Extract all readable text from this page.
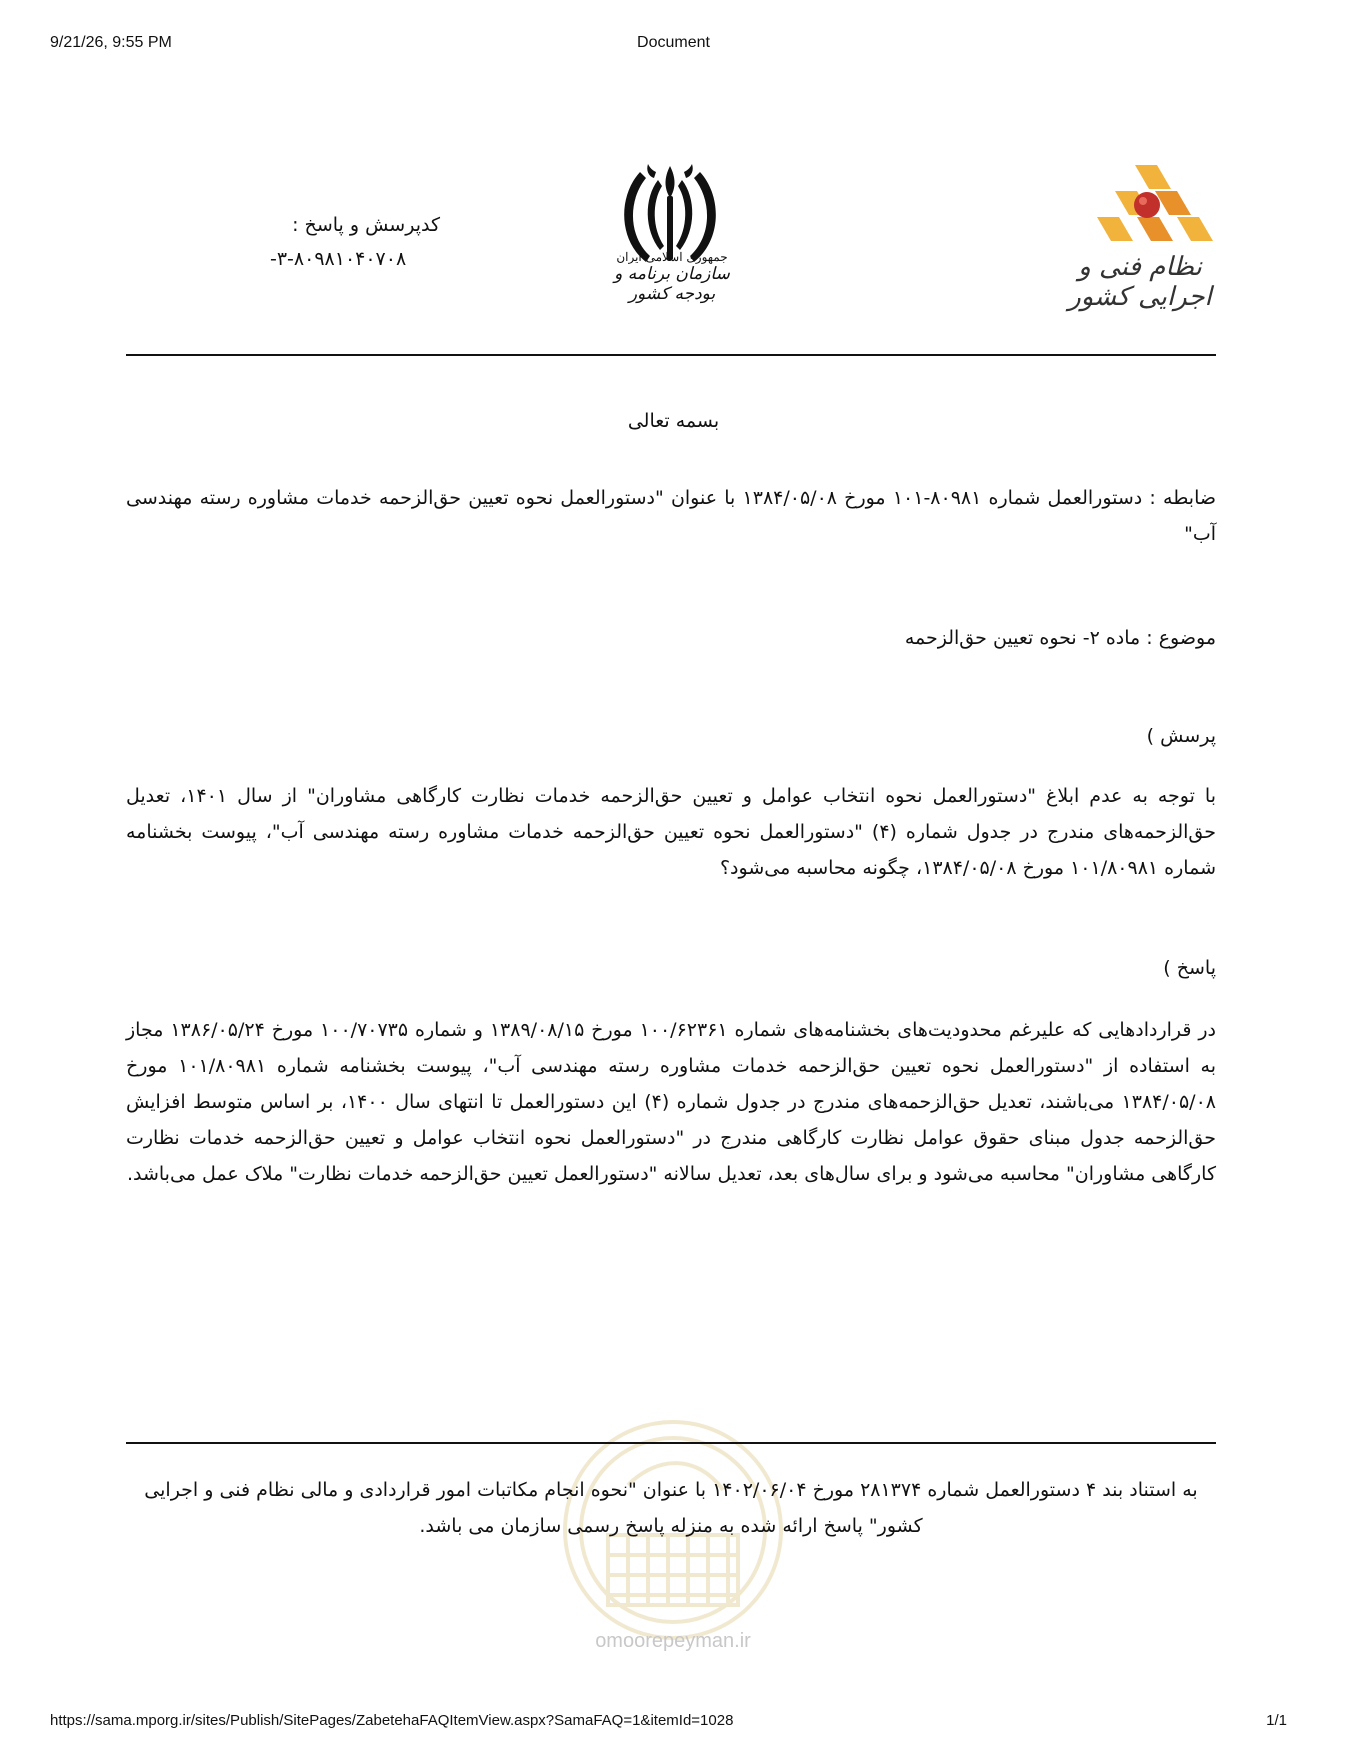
9/21/26, 9:55 PM	Document
کدپرسش و پاسخ :
-۳-۸۰۹۸۱۰۴۰۷۰۸	جمهوری اسلامی ایران
سازمان برنامه و بودجه کشور
نظام فنی و اجرایی کشور
بسمه تعالی
ضابطه : دستورالعمل شماره ۸۰۹۸۱-۱۰۱ مورخ ۱۳۸۴/۰۵/۰۸ با عنوان "دستورالعمل نحوه تعیین حق‌الزحمه خدمات مشاوره رسته مهندسی آب"
موضوع : ماده ۲- نحوه تعیین حق‌الزحمه
پرسش )
با توجه به عدم ابلاغ "دستورالعمل نحوه انتخاب عوامل و تعیین حق‌الزحمه خدمات نظارت کارگاهی مشاوران" از سال ۱۴۰۱، تعدیل حق‌الزحمه‌های مندرج در جدول شماره (۴) "دستورالعمل نحوه تعیین حق‌الزحمه خدمات مشاوره رسته مهندسی آب"، پیوست بخشنامه شماره ۱۰۱/۸۰۹۸۱ مورخ ۱۳۸۴/۰۵/۰۸، چگونه محاسبه می‌شود؟
پاسخ )
در قراردادهایی که علیرغم محدودیت‌های بخشنامه‌های شماره ۱۰۰/۶۲۳۶۱ مورخ ۱۳۸۹/۰۸/۱۵ و شماره ۱۰۰/۷۰۷۳۵ مورخ ۱۳۸۶/۰۵/۲۴ مجاز به استفاده از "دستورالعمل نحوه تعیین حق‌الزحمه خدمات مشاوره رسته مهندسی آب"، پیوست بخشنامه شماره ۱۰۱/۸۰۹۸۱ مورخ ۱۳۸۴/۰۵/۰۸ می‌باشند، تعدیل حق‌الزحمه‌های مندرج در جدول شماره (۴) این دستورالعمل تا انتهای سال ۱۴۰۰، بر اساس متوسط افزایش حق‌الزحمه جدول مبنای حقوق عوامل نظارت کارگاهی مندرج در "دستورالعمل نحوه انتخاب عوامل و تعیین حق‌الزحمه خدمات نظارت کارگاهی مشاوران" محاسبه می‌شود و برای سال‌های بعد، تعدیل سالانه "دستورالعمل تعیین حق‌الزحمه خدمات نظارت" ملاک عمل می‌باشد.
به استناد بند ۴ دستورالعمل شماره ۲۸۱۳۷۴ مورخ ۱۴۰۲/۰۶/۰۴ با عنوان "نحوه انجام مکاتبات امور قراردادی و مالی نظام فنی و اجرایی کشور" پاسخ ارائه شده به منزله پاسخ رسمی سازمان می باشد.
omoorepeyman.ir
https://sama.mporg.ir/sites/Publish/SitePages/ZabetehaFAQItemView.aspx?SamaFAQ=1&itemId=1028	1/1
